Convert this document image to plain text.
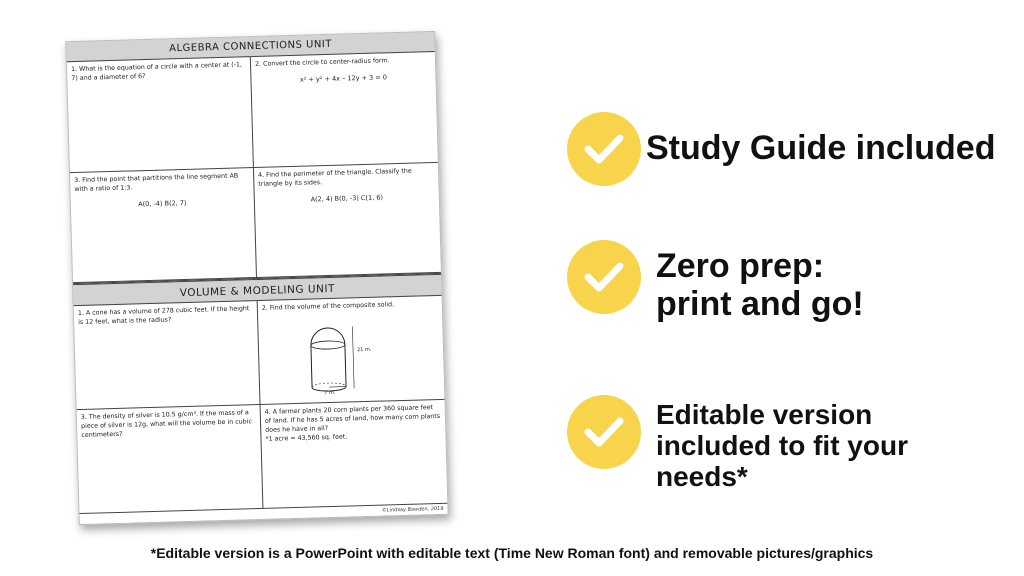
ALGEBRA CONNECTIONS UNIT
1. What is the equation of a circle with a center at (-1, 7) and a diameter of 6?
2. Convert the circle to center-radius form.
x² + y² + 4x – 12y + 3 = 0
3. Find the point that partitions the line segment AB with a ratio of 1:3.
A(0, -4) B(2, 7)
4. Find the perimeter of the triangle. Classify the triangle by its sides.
A(2, 4) B(0, -3) C(1, 6)
VOLUME & MODELING UNIT
1. A cone has a volume of 278 cubic feet. If the height is 12 feet, what is the radius?
2. Find the volume of the composite solid.
21 m.
7 m.
3. The density of silver is 10.5 g/cm³. If the mass of a piece of silver is 12g, what will the volume be in cubic centimeters?
4. A farmer plants 20 corn plants per 360 square feet of land. If he has 5 acres of land, how many corn plants does he have in all?
*1 acre = 43,560 sq. feet.
©Lindsay Bowden, 2019
Study Guide included
Zero prep: print and go!
Editable version included to fit your needs*
*Editable version is a PowerPoint with editable text (Time New Roman font) and removable pictures/graphics
